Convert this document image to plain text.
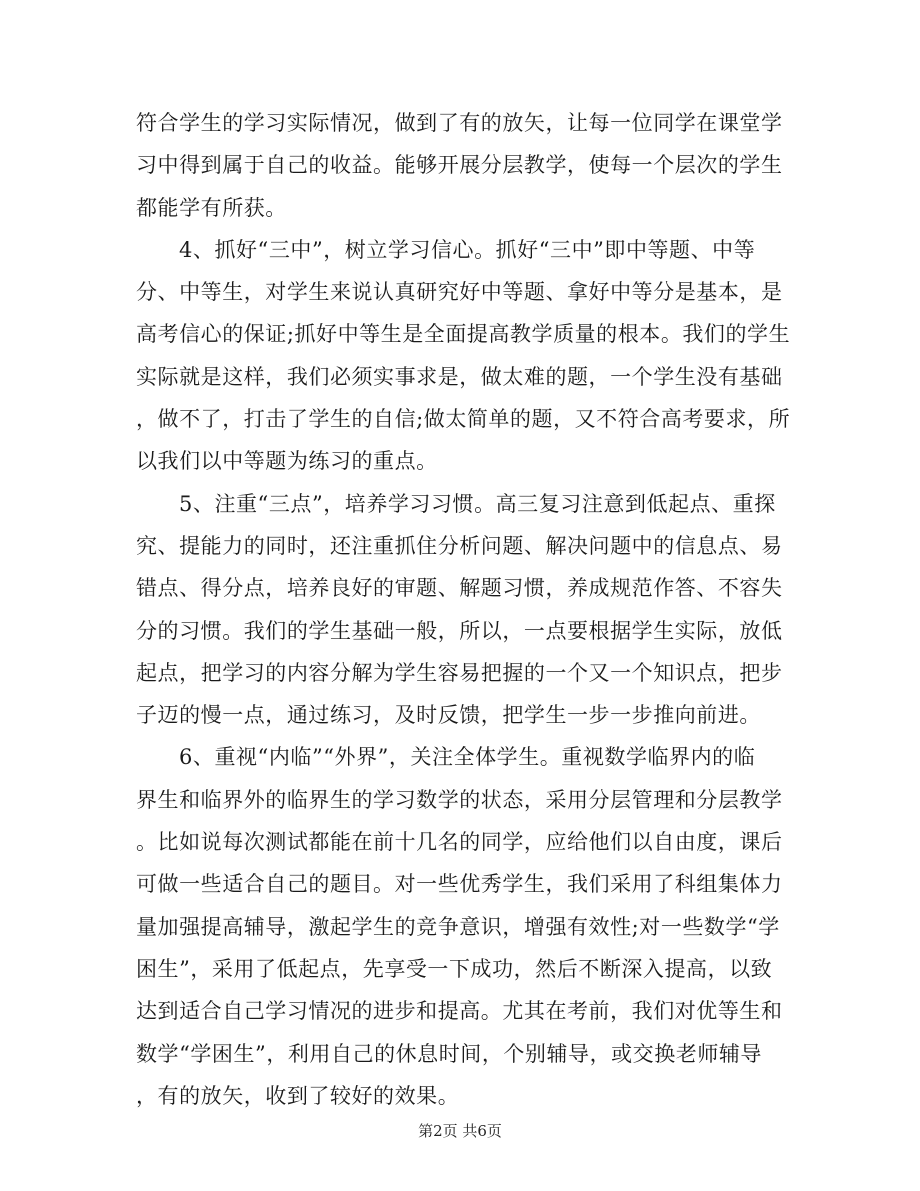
符合学生的学习实际情况，做到了有的放矢，让每一位同学在课堂学
习中得到属于自己的收益。能够开展分层教学，使每一个层次的学生
都能学有所获。
4、抓好“三中”，树立学习信心。抓好“三中”即中等题、中等
分、中等生，对学生来说认真研究好中等题、拿好中等分是基本，是
高考信心的保证;抓好中等生是全面提高教学质量的根本。我们的学生
实际就是这样，我们必须实事求是，做太难的题，一个学生没有基础
，做不了，打击了学生的自信;做太简单的题，又不符合高考要求，所
以我们以中等题为练习的重点。
5、注重“三点”，培养学习习惯。高三复习注意到低起点、重探
究、提能力的同时，还注重抓住分析问题、解决问题中的信息点、易
错点、得分点，培养良好的审题、解题习惯，养成规范作答、不容失
分的习惯。我们的学生基础一般，所以，一点要根据学生实际，放低
起点，把学习的内容分解为学生容易把握的一个又一个知识点，把步
子迈的慢一点，通过练习，及时反馈，把学生一步一步推向前进。
6、重视“内临”“外界”，关注全体学生。重视数学临界内的临
界生和临界外的临界生的学习数学的状态，采用分层管理和分层教学
。比如说每次测试都能在前十几名的同学，应给他们以自由度，课后
可做一些适合自己的题目。对一些优秀学生，我们采用了科组集体力
量加强提高辅导，激起学生的竞争意识，增强有效性;对一些数学“学
困生”，采用了低起点，先享受一下成功，然后不断深入提高，以致
达到适合自己学习情况的进步和提高。尤其在考前，我们对优等生和
数学“学困生”，利用自己的休息时间，个别辅导，或交换老师辅导
，有的放矢，收到了较好的效果。
第2页 共6页
